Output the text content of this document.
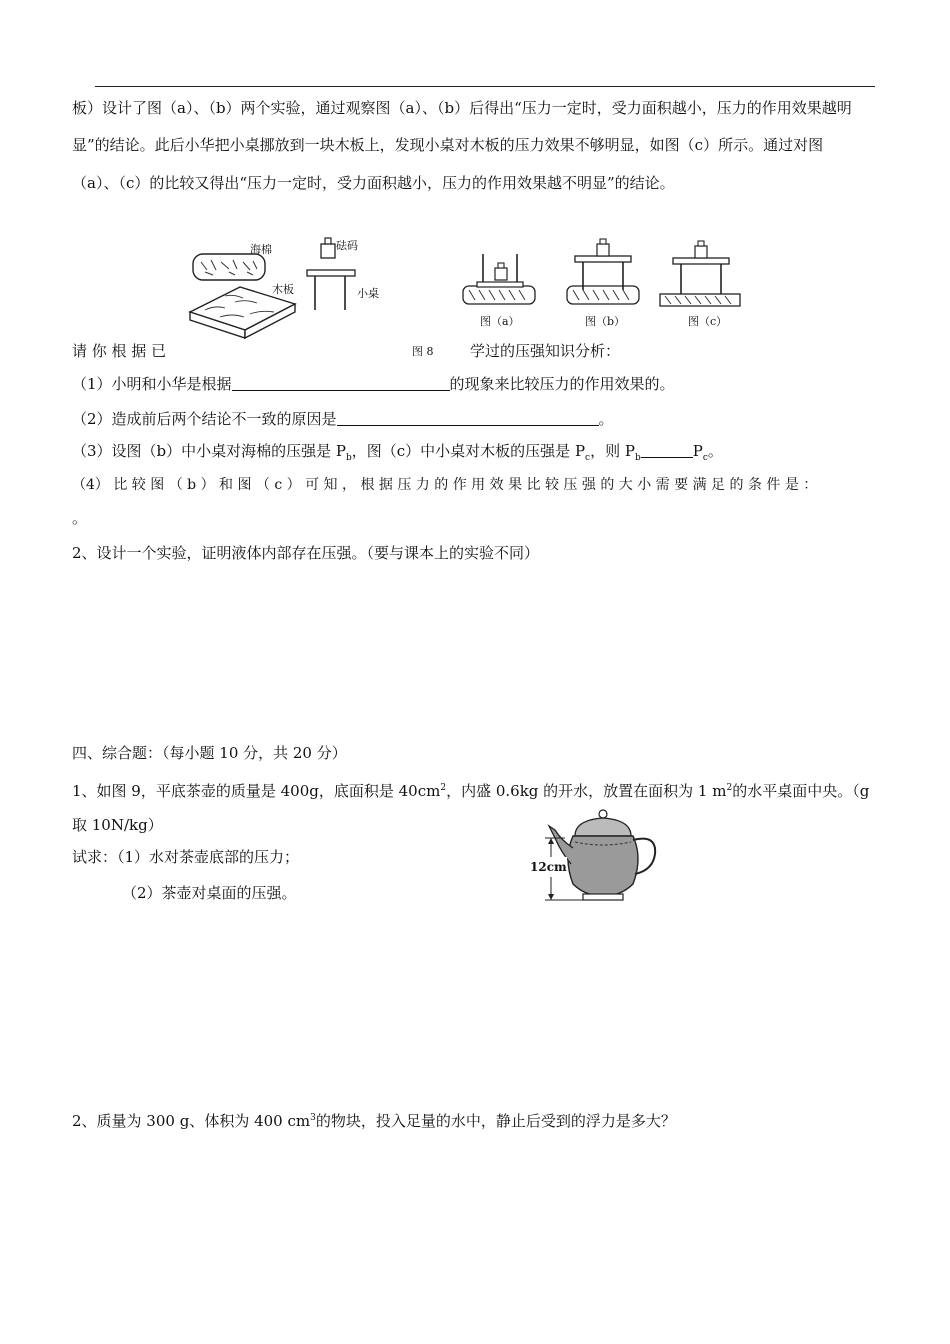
板）设计了图（a）、（b）两个实验，通过观察图（a）、（b）后得出“压力一定时，受力面积越小，压力的作用效果越明
显”的结论。此后小华把小桌挪放到一块木板上，发现小桌对木板的压力效果不够明显，如图（c）所示。通过对图
（a）、（c）的比较又得出“压力一定时，受力面积越小，压力的作用效果越不明显”的结论。
海棉	砝码
木板	小桌
图（a）	图（b）	图（c）
请 你 根 据 已	图 8 学过的压强知识分析：
（1）小明和小华是根据	的现象来比较压力的作用效果的。
（2）造成前后两个结论不一致的原因是	。
（3）设图（b）中小桌对海棉的压强是 $P_b$，图（c）中小桌对木板的压强是 $P_c$，则 $P_b$	$P_c$。
（4） 比 较 图 （ b ） 和 图 （ c ） 可 知 ， 根 据 压 力 的 作 用 效 果 比 较 压 强 的 大 小 需 要 满 足 的 条 件 是 ：
。
2、设计一个实验，证明液体内部存在压强。（要与课本上的实验不同）
四、综合题：（每小题 10 分，共 20 分）
1、如图 9，平底茶壶的质量是 400g，底面积是 $40cm^2$，内盛 0.6kg 的开水，放置在面积为 1 $m^2$的水平桌面中央。（g
取 10N/kg）
试求：（1）水对茶壶底部的压力；
（2）茶壶对桌面的压强。
12cm
2、质量为 300 g、体积为 400 $cm^3$的物块，投入足量的水中，静止后受到的浮力是多大？
